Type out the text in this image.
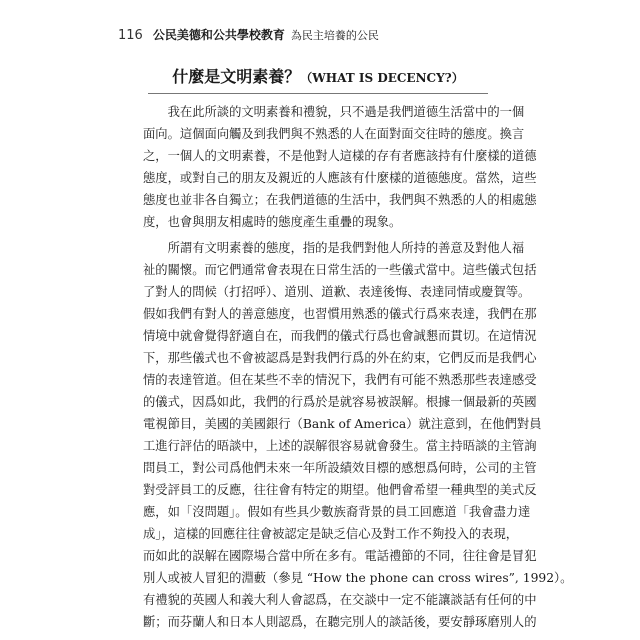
116 公民美德和公共學校教育 為民主培養的公民
什麼是文明素養？（WHAT IS DECENCY?）
　　我在此所談的文明素養和禮貌，只不過是我們道德生活當中的一個
面向。這個面向觸及到我們與不熟悉的人在面對面交往時的態度。換言
之，一個人的文明素養，不是他對人這樣的存有者應該持有什麼樣的道德
態度，或對自己的朋友及親近的人應該有什麼樣的道德態度。當然，這些
態度也並非各自獨立；在我們道德的生活中，我們與不熟悉的人的相處態
度，也會與朋友相處時的態度產生重疊的現象。
　　所謂有文明素養的態度，指的是我們對他人所持的善意及對他人福
祉的關懷。而它們通常會表現在日常生活的一些儀式當中。這些儀式包括
了對人的問候（打招呼）、道別、道歉、表達後悔、表達同情或慶賀等。
假如我們有對人的善意態度，也習慣用熟悉的儀式行爲來表達，我們在那
情境中就會覺得舒適自在，而我們的儀式行爲也會誠懇而貫切。在這情況
下，那些儀式也不會被認爲是對我們行爲的外在約束，它們反而是我們心
情的表達管道。但在某些不幸的情況下，我們有可能不熟悉那些表達感受
的儀式，因爲如此，我們的行爲於是就容易被誤解。根據一個最新的英國
電視節目，美國的美國銀行（Bank of America）就注意到，在他們對員
工進行評估的晤談中，上述的誤解很容易就會發生。當主持晤談的主管詢
問員工，對公司爲他們未來一年所設績效目標的感想爲何時，公司的主管
對受評員工的反應，往往會有特定的期望。他們會希望一種典型的美式反
應，如「沒問題」。假如有些具少數族裔背景的員工回應道「我會盡力達
成」，這樣的回應往往會被認定是缺乏信心及對工作不夠投入的表現，
而如此的誤解在國際場合當中所在多有。電話禮節的不同，往往會是冒犯
別人或被人冒犯的淵藪（參見 “How the phone can cross wires”, 1992）。
有禮貌的英國人和義大利人會認爲，在交談中一定不能讓談話有任何的中
斷；而芬蘭人和日本人則認爲，在聽完別人的談話後，要安靜琢磨別人的
